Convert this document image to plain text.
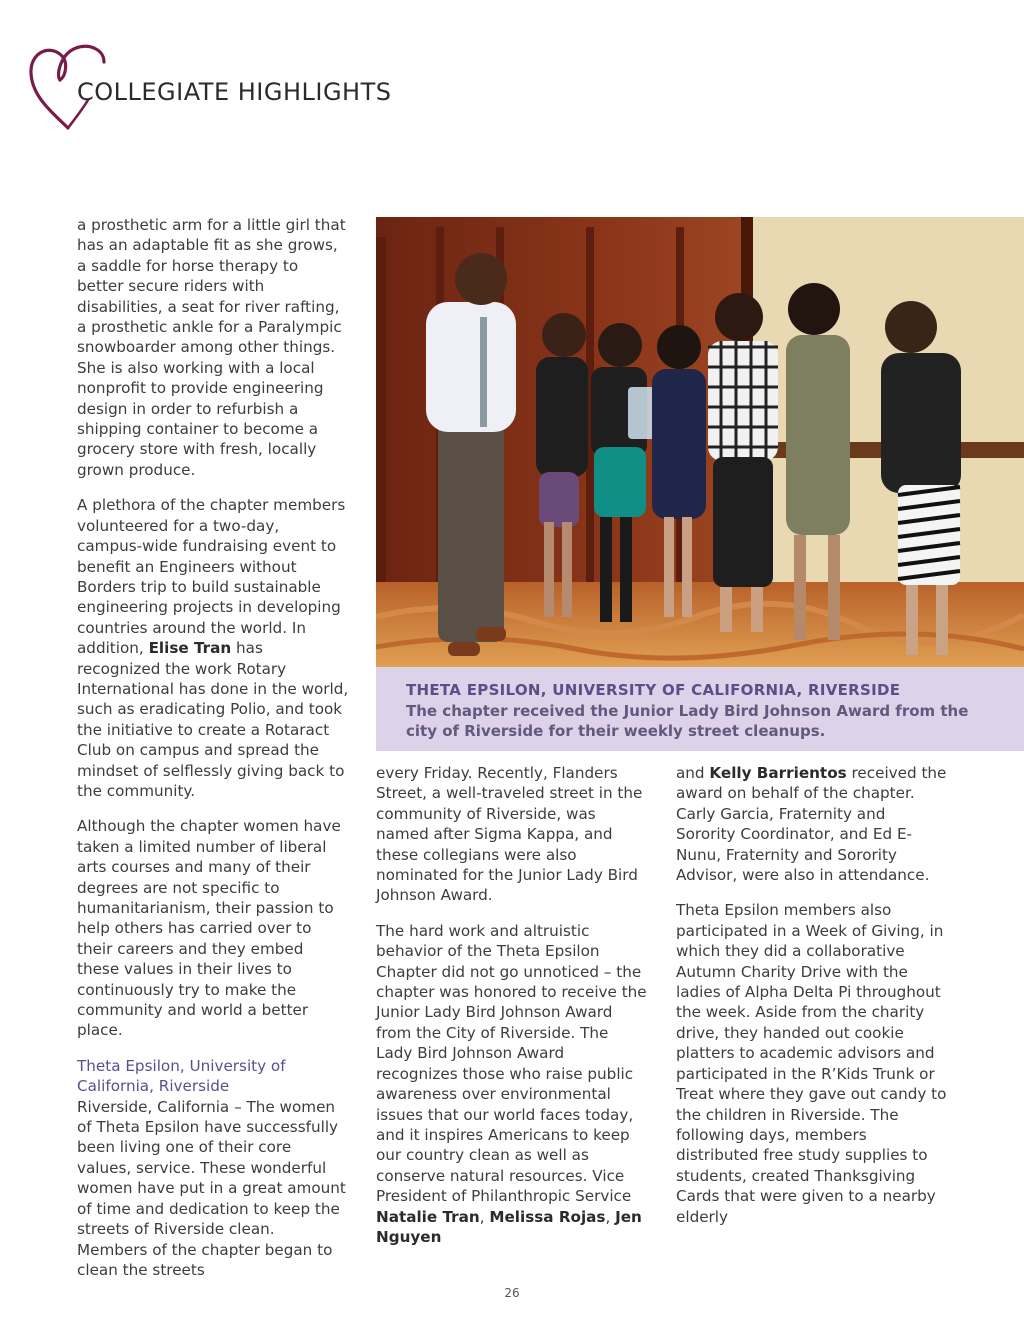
COLLEGIATE HIGHLIGHTS

a prosthetic arm for a little girl that has an adaptable fit as she grows, a saddle for horse therapy to better secure riders with disabilities, a seat for river rafting, a prosthetic ankle for a Paralympic snowboarder among other things. She is also working with a local nonprofit to provide engineering design in order to refurbish a shipping container to become a grocery store with fresh, locally grown produce.

A plethora of the chapter members volunteered for a two-day, campus-wide fundraising event to benefit an Engineers without Borders trip to build sustainable engineering projects in developing countries around the world. In addition, Elise Tran has recognized the work Rotary International has done in the world, such as eradicating Polio, and took the initiative to create a Rotaract Club on campus and spread the mindset of selflessly giving back to the community.

Although the chapter women have taken a limited number of liberal arts courses and many of their degrees are not specific to humanitarianism, their passion to help others has carried over to their careers and they embed these values in their lives to continuously try to make the community and world a better place.

Theta Epsilon, University of California, Riverside

Riverside, California – The women of Theta Epsilon have successfully been living one of their core values, service. These wonderful women have put in a great amount of time and dedication to keep the streets of Riverside clean. Members of the chapter began to clean the streets

THETA EPSILON, UNIVERSITY OF CALIFORNIA, RIVERSIDE
The chapter received the Junior Lady Bird Johnson Award from the city of Riverside for their weekly street cleanups.

every Friday. Recently, Flanders Street, a well-traveled street in the community of Riverside, was named after Sigma Kappa, and these collegians were also nominated for the Junior Lady Bird Johnson Award.

The hard work and altruistic behavior of the Theta Epsilon Chapter did not go unnoticed – the chapter was honored to receive the Junior Lady Bird Johnson Award from the City of Riverside. The Lady Bird Johnson Award recognizes those who raise public awareness over environmental issues that our world faces today, and it inspires Americans to keep our country clean as well as conserve natural resources. Vice President of Philanthropic Service Natalie Tran, Melissa Rojas, Jen Nguyen

and Kelly Barrientos received the award on behalf of the chapter. Carly Garcia, Fraternity and Sorority Coordinator, and Ed E-Nunu, Fraternity and Sorority Advisor, were also in attendance.

Theta Epsilon members also participated in a Week of Giving, in which they did a collaborative Autumn Charity Drive with the ladies of Alpha Delta Pi throughout the week. Aside from the charity drive, they handed out cookie platters to academic advisors and participated in the R’Kids Trunk or Treat where they gave out candy to the children in Riverside. The following days, members distributed free study supplies to students, created Thanksgiving Cards that were given to a nearby elderly

26
